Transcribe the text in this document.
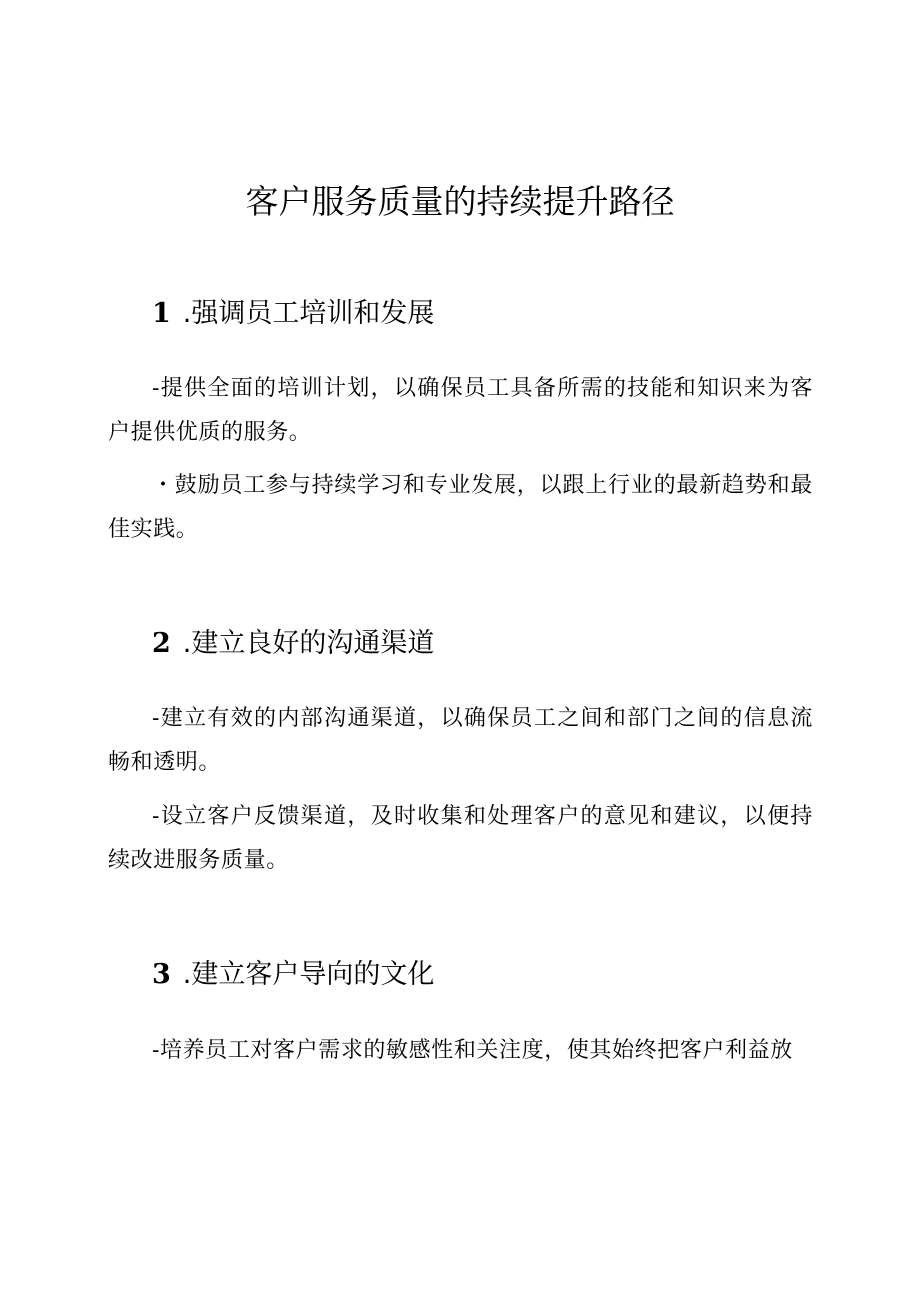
客户服务质量的持续提升路径
1 .强调员工培训和发展

-提供全面的培训计划，以确保员工具备所需的技能和知识来为客户提供优质的服务。

・鼓励员工参与持续学习和专业发展，以跟上行业的最新趋势和最佳实践。

2 .建立良好的沟通渠道

-建立有效的内部沟通渠道，以确保员工之间和部门之间的信息流畅和透明。

-设立客户反馈渠道，及时收集和处理客户的意见和建议，以便持续改进服务质量。

3 .建立客户导向的文化

-培养员工对客户需求的敏感性和关注度，使其始终把客户利益放
